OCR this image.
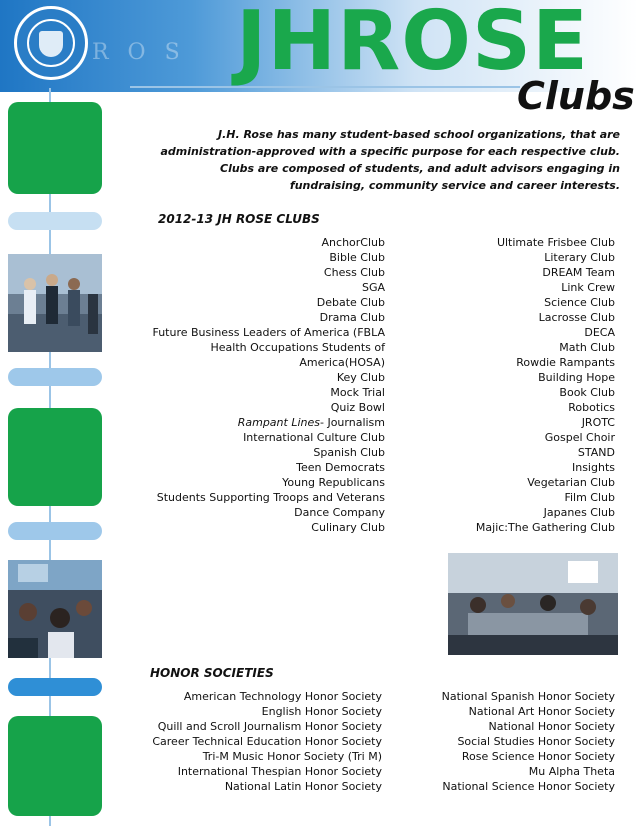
R O S JHROSE
Clubs
J.H. Rose has many student-based school organizations, that are administration-approved with a specific purpose for each respective club. Clubs are composed of students, and adult advisors engaging in fundraising, community service and career interests.
2012-13 JH ROSE CLUBS
AnchorClub
Bible Club
Chess Club
SGA
Debate Club
Drama Club
Future Business Leaders of America (FBLA
Health Occupations Students of
America(HOSA)
Key Club
Mock Trial
Quiz Bowl
Rampant Lines- Journalism
International Culture Club
Spanish Club
Teen Democrats
Young Republicans
Students Supporting Troops and Veterans
Dance Company
Culinary Club
Ultimate Frisbee Club
Literary Club
DREAM Team
Link Crew
Science Club
Lacrosse Club
DECA
Math Club
Rowdie Rampants
Building Hope
Book Club
Robotics
JROTC
Gospel Choir
STAND
Insights
Vegetarian Club
Film Club
Japanes Club
Majic:The Gathering Club
HONOR SOCIETIES
American Technology Honor Society
English Honor Society
Quill and Scroll Journalism Honor Society
Career Technical Education Honor Society
Tri-M Music Honor Society (Tri M)
International Thespian Honor Society
National Latin Honor Society
National Spanish Honor Society
National Art Honor Society
National Honor Society
Social Studies Honor Society
Rose Science Honor Society
Mu Alpha Theta
National Science Honor Society
